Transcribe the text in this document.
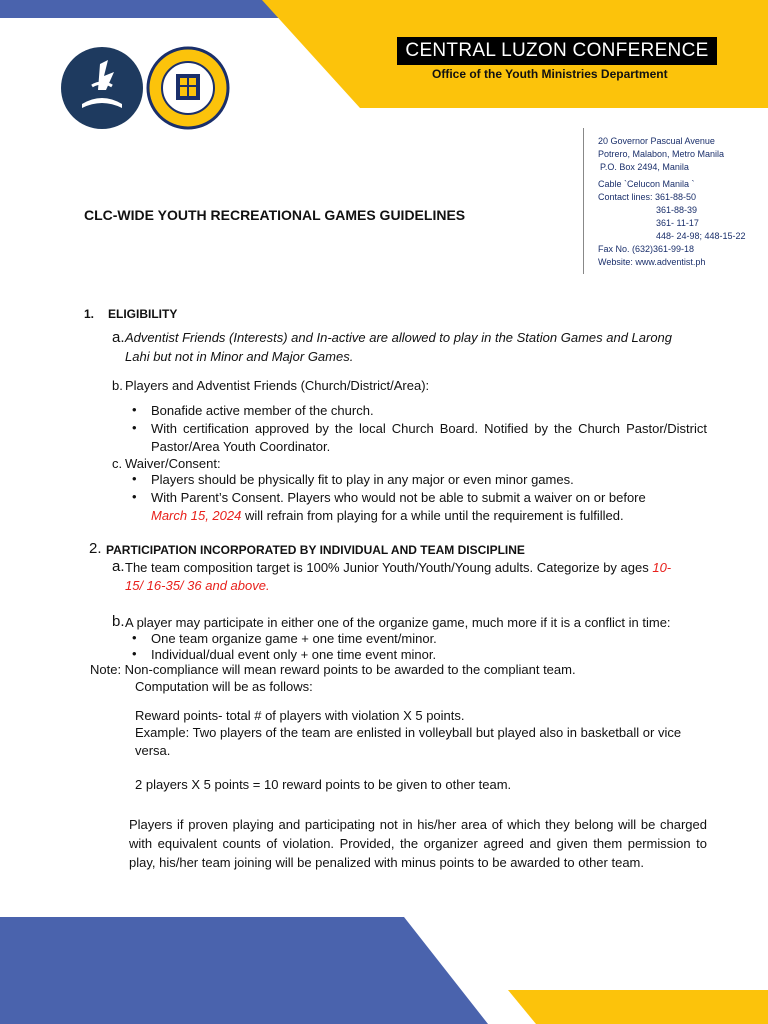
CENTRAL LUZON CONFERENCE
Office of the Youth Ministries Department
20 Governor Pascual Avenue
Potrero, Malabon, Metro Manila
P.O. Box 2494, Manila
Cable `Celucon Manila `
Contact lines: 361-88-50
361-88-39
361- 11-17
448- 24-98; 448-15-22
Fax No. (632)361-99-18
Website: www.adventist.ph
CLC-WIDE YOUTH RECREATIONAL GAMES GUIDELINES
1. ELIGIBILITY
a. Adventist Friends (Interests) and In-active are allowed to play in the Station Games and Larong
Lahi but not in Minor and Major Games.
b. Players and Adventist Friends (Church/District/Area):
• Bonafide active member of the church.
• With certification approved by the local Church Board. Notified by the Church Pastor/District Pastor/Area Youth Coordinator.
c. Waiver/Consent:
• Players should be physically fit to play in any major or even minor games.
• With Parent’s Consent. Players who would not be able to submit a waiver on or before
March 15, 2024 will refrain from playing for a while until the requirement is fulfilled.
2. PARTICIPATION INCORPORATED BY INDIVIDUAL AND TEAM DISCIPLINE
a. The team composition target is 100% Junior Youth/Youth/Young adults. Categorize by ages 10-
15/ 16-35/ 36 and above.
b. A player may participate in either one of the organize game, much more if it is a conflict in time:
• One team organize game + one time event/minor.
• Individual/dual event only + one time event minor.
Note: Non-compliance will mean reward points to be awarded to the compliant team.
Computation will be as follows:
Reward points- total # of players with violation X 5 points.
Example: Two players of the team are enlisted in volleyball but played also in basketball or vice
versa.
2 players X 5 points = 10 reward points to be given to other team.
Players if proven playing and participating not in his/her area of which they belong will be charged with equivalent counts of violation. Provided, the organizer agreed and given them permission to play, his/her team joining will be penalized with minus points to be awarded to other team.
